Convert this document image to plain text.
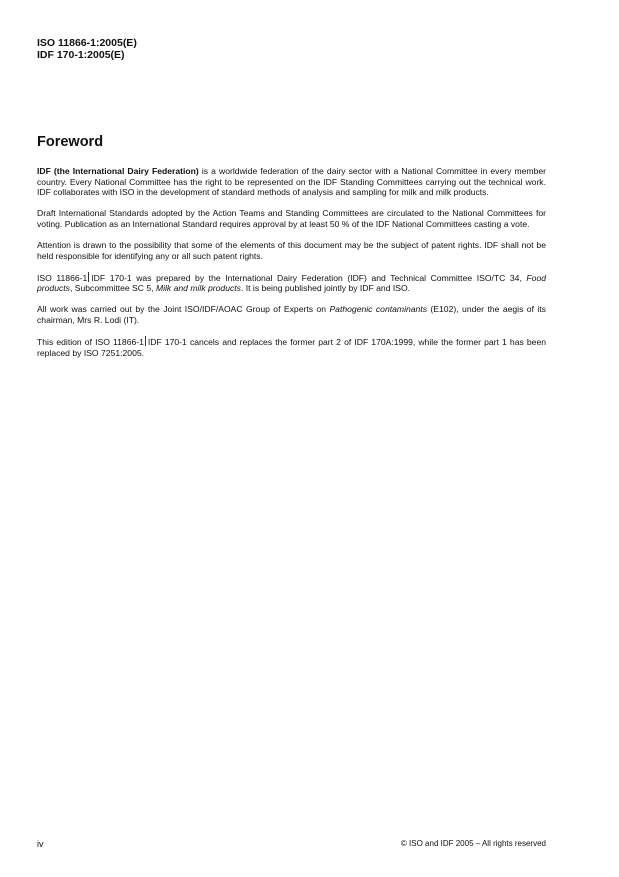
ISO 11866-1:2005(E)
IDF 170-1:2005(E)
Foreword

IDF (the International Dairy Federation) is a worldwide federation of the dairy sector with a National Committee in every member country. Every National Committee has the right to be represented on the IDF Standing Committees carrying out the technical work. IDF collaborates with ISO in the development of standard methods of analysis and sampling for milk and milk products.

Draft International Standards adopted by the Action Teams and Standing Committees are circulated to the National Committees for voting. Publication as an International Standard requires approval by at least 50 % of the IDF National Committees casting a vote.

Attention is drawn to the possibility that some of the elements of this document may be the subject of patent rights. IDF shall not be held responsible for identifying any or all such patent rights.

ISO 11866-1 IDF 170-1 was prepared by the International Dairy Federation (IDF) and Technical Committee ISO/TC 34, Food products, Subcommittee SC 5, Milk and milk products. It is being published jointly by IDF and ISO.

All work was carried out by the Joint ISO/IDF/AOAC Group of Experts on Pathogenic contaminants (E102), under the aegis of its chairman, Mrs R. Lodi (IT).

This edition of ISO 11866-1 IDF 170-1 cancels and replaces the former part 2 of IDF 170A:1999, while the former part 1 has been replaced by ISO 7251:2005.

iv	© ISO and IDF 2005 – All rights reserved
